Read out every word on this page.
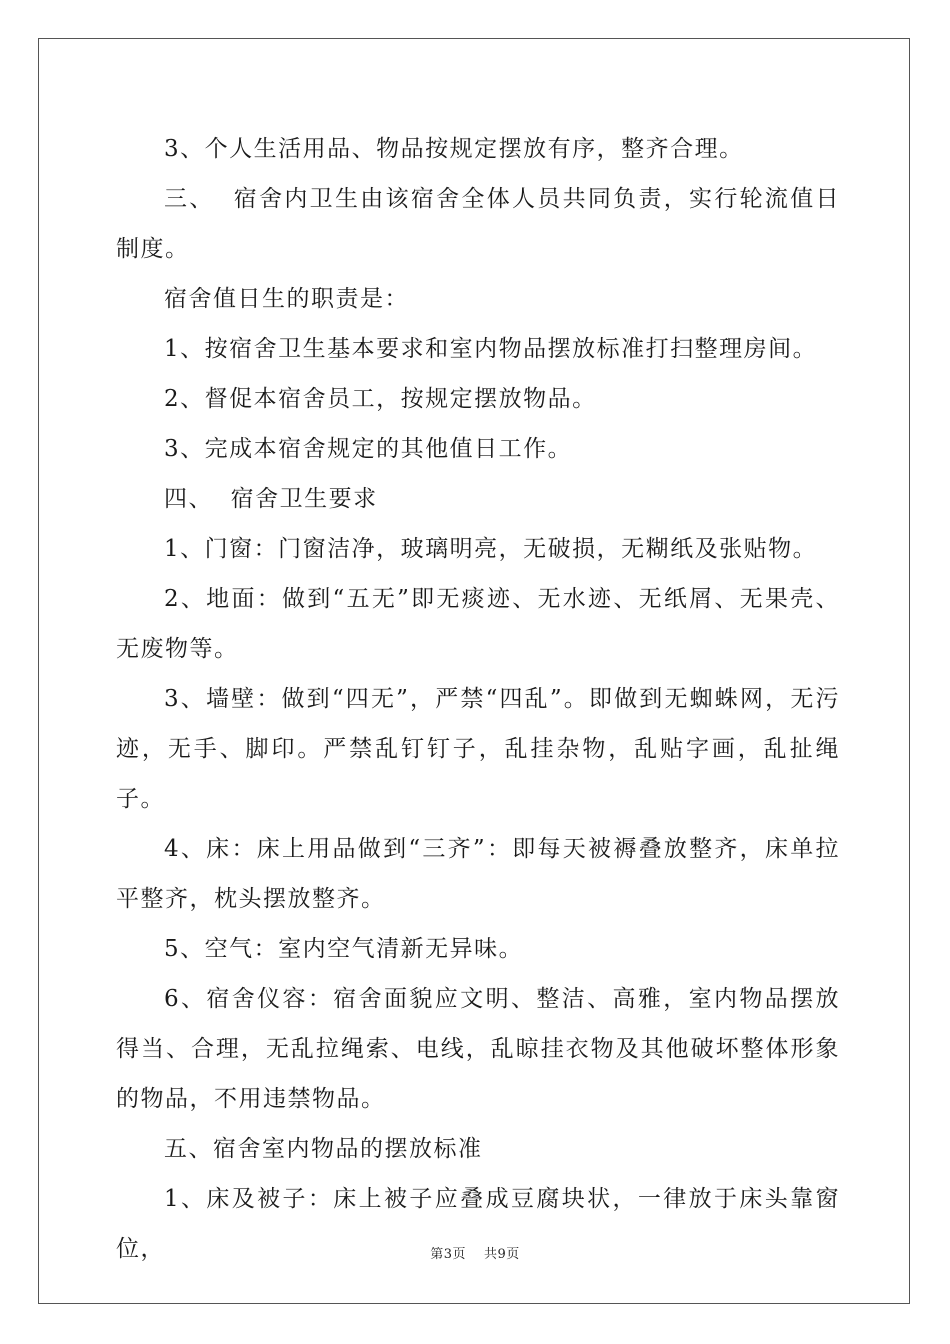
3、个人生活用品、物品按规定摆放有序，整齐合理。

三、  宿舍内卫生由该宿舍全体人员共同负责，实行轮流值日制度。

宿舍值日生的职责是：

1、按宿舍卫生基本要求和室内物品摆放标准打扫整理房间。

2、督促本宿舍员工，按规定摆放物品。

3、完成本宿舍规定的其他值日工作。

四、  宿舍卫生要求

1、门窗：门窗洁净，玻璃明亮，无破损，无糊纸及张贴物。

2、地面：做到“五无”即无痰迹、无水迹、无纸屑、无果壳、无废物等。

3、墙壁：做到“四无”，严禁“四乱”。即做到无蜘蛛网，无污迹，无手、脚印。严禁乱钉钉子，乱挂杂物，乱贴字画，乱扯绳子。

4、床：床上用品做到“三齐”：即每天被褥叠放整齐，床单拉平整齐，枕头摆放整齐。

5、空气：室内空气清新无异味。

6、宿舍仪容：宿舍面貌应文明、整洁、高雅，室内物品摆放得当、合理，无乱拉绳索、电线，乱晾挂衣物及其他破坏整体形象的物品，不用违禁物品。

五、宿舍室内物品的摆放标准

1、床及被子：床上被子应叠成豆腐块状，一律放于床头靠窗位，	第3页 共9页
